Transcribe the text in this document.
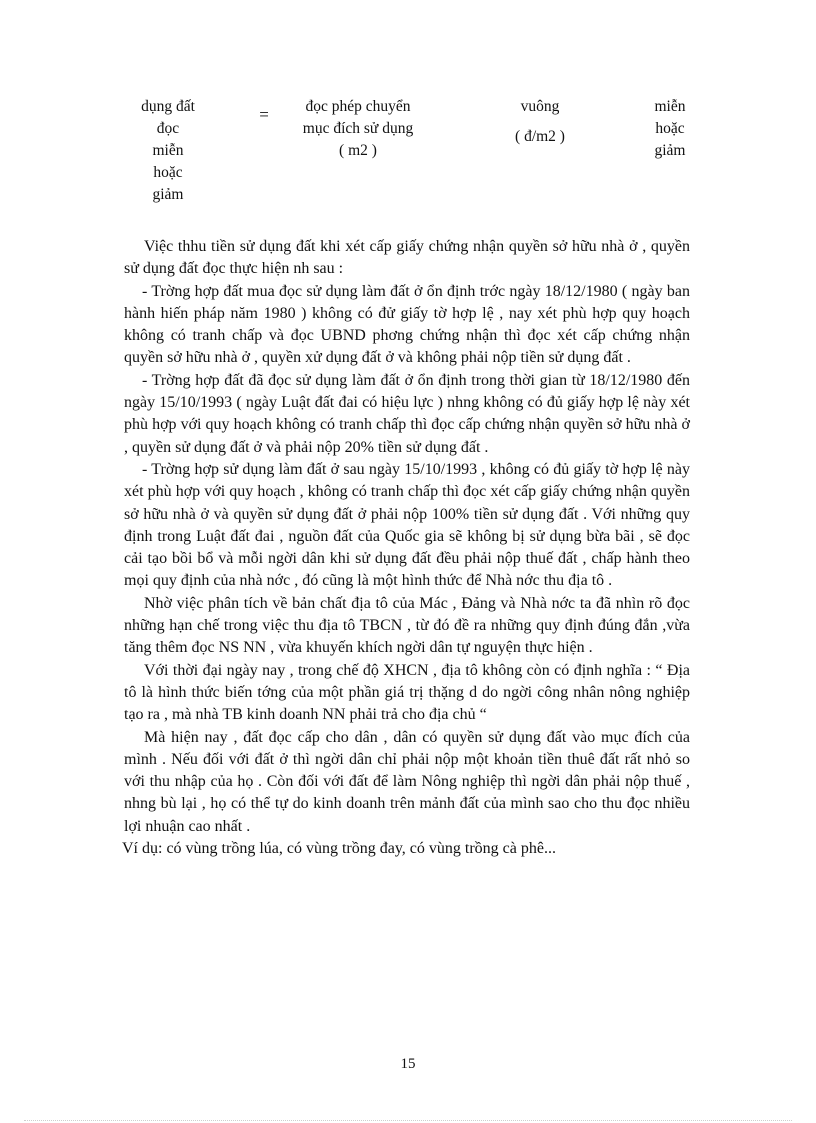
dụng đất
đọc
miễn
hoặc
giảm
=	đọc phép chuyển
mục đích sử dụng
( m2 )
vuông
( đ/m2 )
miễn
hoặc
giảm

Việc thhu tiền sử dụng đất khi xét cấp giấy chứng nhận quyền sở hữu nhà ở , quyền sử dụng đất đọc thực hiện nh sau :

- Trờng hợp đất mua đọc sử dụng làm đất ở ổn định trớc ngày 18/12/1980 ( ngày ban hành hiến pháp năm 1980 ) không có đử giấy tờ hợp lệ , nay xét phù hợp quy hoạch không có tranh chấp và đọc UBND phơng chứng nhận thì đọc xét cấp chứng nhận quyền sở hữu nhà ở , quyền xử dụng đất ở và không phải nộp tiền sử dụng đất .

- Trờng hợp đất đã đọc sử dụng làm đất ở ổn định trong thời gian từ 18/12/1980 đến ngày 15/10/1993 ( ngày Luật đất đai có hiệu lực ) nhng không có đủ giấy hợp lệ này xét phù hợp với quy hoạch không có tranh chấp thì đọc cấp chứng nhận quyền sở hữu nhà ở , quyền sử dụng đất ở và phải nộp 20% tiền sử dụng đất .

- Trờng hợp sử dụng làm đất ở sau ngày 15/10/1993 , không có đủ giấy tờ hợp lệ này xét phù hợp với quy hoạch , không có tranh chấp thì đọc xét cấp giấy chứng nhận quyền sở hữu nhà ở và quyền sử dụng đất ở phải nộp 100% tiền sử dụng đất . Với những quy định trong Luật đất đai , nguồn đất của Quốc gia sẽ không bị sử dụng bừa bãi , sẽ đọc cải tạo bồi bổ và mỗi ngời dân khi sử dụng đất đều phải nộp thuế đất , chấp hành theo mọi quy định của nhà nớc , đó cũng là một hình thức để Nhà nớc thu địa tô .

Nhờ việc phân tích về bản chất địa tô của Mác , Đảng và Nhà nớc ta đã nhìn rõ đọc những hạn chế trong việc thu địa tô TBCN , từ đó đề ra những quy định đúng đắn ,vừa tăng thêm đọc NS NN , vừa khuyến khích ngời dân tự nguyện thực hiện .

Với thời đại ngày nay , trong chế độ XHCN , địa tô không còn có định nghĩa : “ Địa tô là hình thức biến tớng của một phần giá trị thặng d do ngời công nhân nông nghiệp tạo ra , mà nhà TB kinh doanh NN phải trả cho địa chủ “

Mà hiện nay , đất đọc cấp cho dân , dân có quyền sử dụng đất vào mục đích của mình . Nếu đối với đất ở thì ngời dân chỉ phải nộp một khoản tiền thuê đất rất nhỏ so với thu nhập của họ . Còn đối với đất để làm Nông nghiệp thì ngời dân phải nộp thuế , nhng bù lại , họ có thể tự do kinh doanh trên mảnh đất của mình sao cho thu đọc nhiều lợi nhuận cao nhất .

Ví dụ: có vùng trồng lúa, có vùng trồng đay, có vùng trồng cà phê...

15
